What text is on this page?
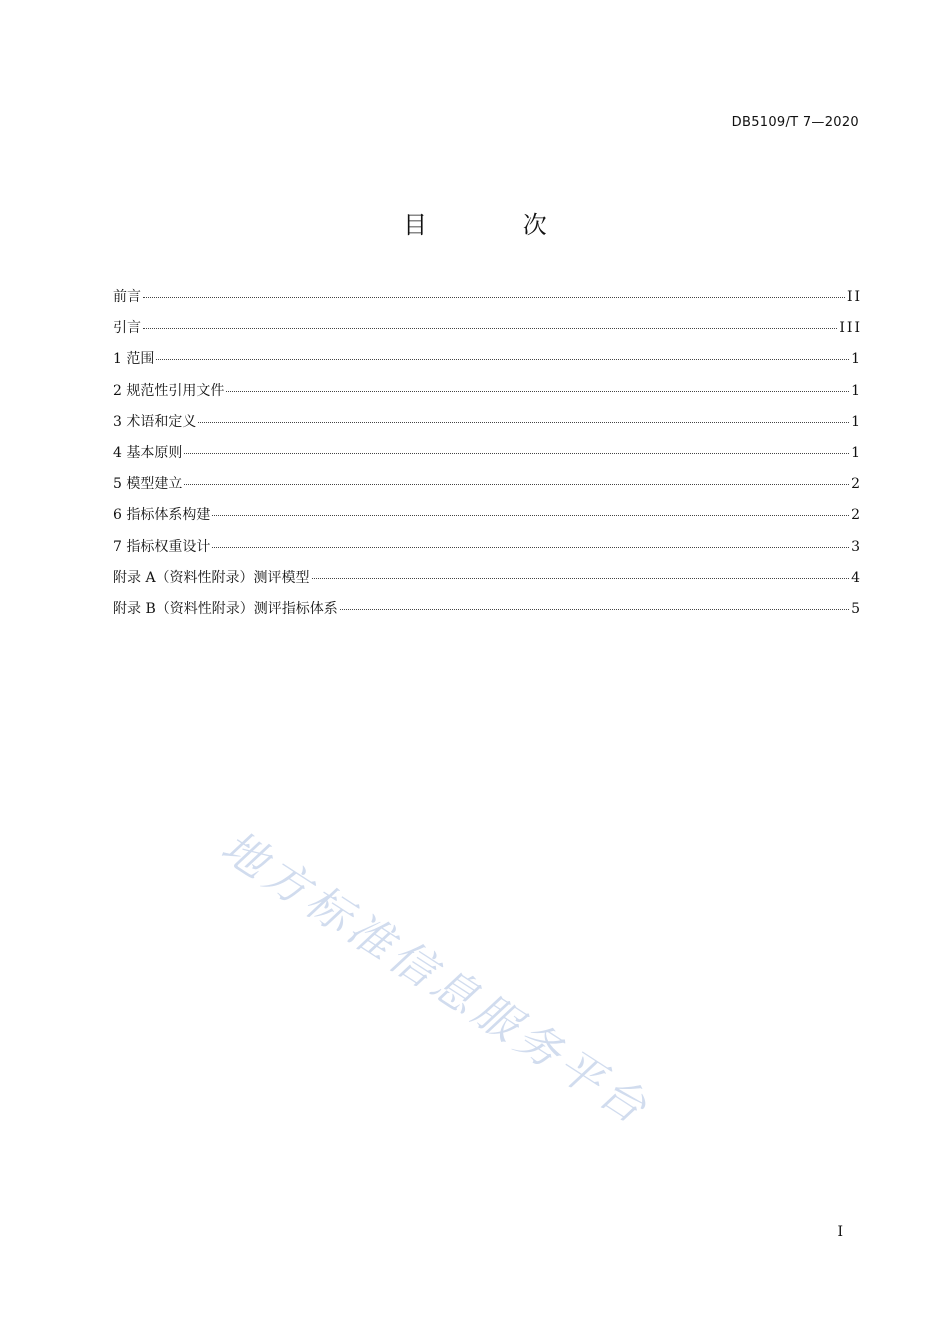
DB5109/T 7—2020
目 次
前言	II
引言	III
1 范围	1
2 规范性引用文件	1
3 术语和定义	1
4 基本原则	1
5 模型建立	2
6 指标体系构建	2
7 指标权重设计	3
附录 A（资料性附录）测评模型	4
附录 B（资料性附录）测评指标体系	5
地方标准信息服务平台
I
